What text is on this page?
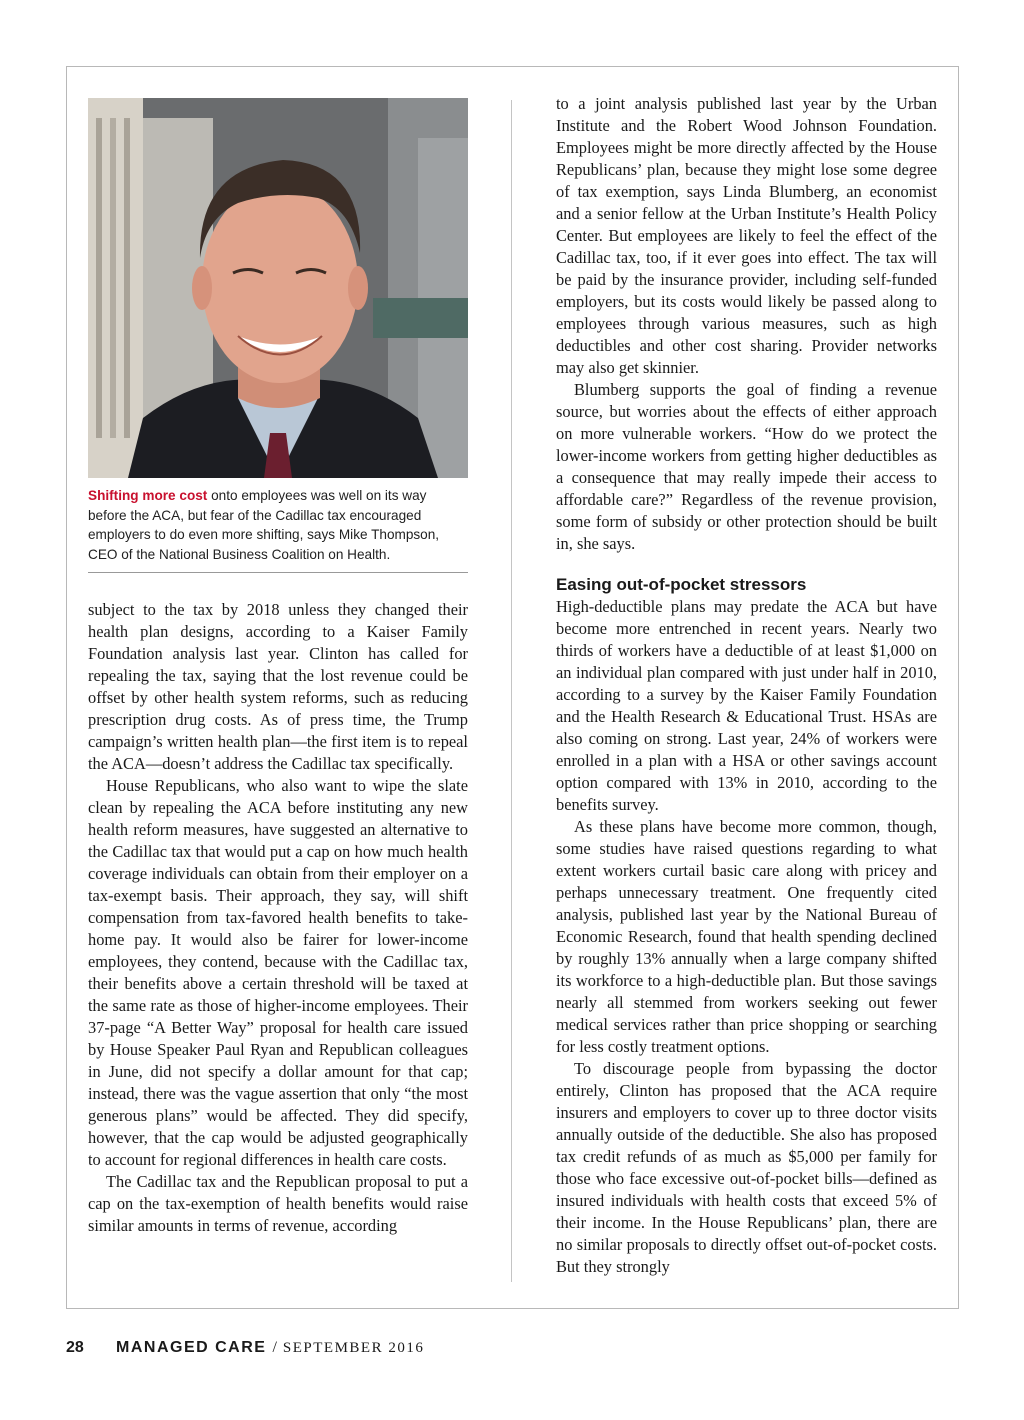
Shifting more cost onto employees was well on its way before the ACA, but fear of the Cadillac tax encouraged employers to do even more shifting, says Mike Thompson, CEO of the National Business Coalition on Health.

subject to the tax by 2018 unless they changed their health plan designs, according to a Kaiser Family Foundation analysis last year. Clinton has called for repealing the tax, saying that the lost revenue could be offset by other health system reforms, such as reducing prescription drug costs. As of press time, the Trump campaign’s written health plan—the first item is to repeal the ACA—doesn’t address the Cadillac tax specifically.

House Republicans, who also want to wipe the slate clean by repealing the ACA before instituting any new health reform measures, have suggested an alternative to the Cadillac tax that would put a cap on how much health coverage individuals can obtain from their employer on a tax-exempt basis. Their approach, they say, will shift compensation from tax-favored health benefits to take-home pay. It would also be fairer for lower-income employees, they contend, because with the Cadillac tax, their benefits above a certain threshold will be taxed at the same rate as those of higher-income employees. Their 37-page “A Better Way” proposal for health care issued by House Speaker Paul Ryan and Republican colleagues in June, did not specify a dollar amount for that cap; instead, there was the vague assertion that only “the most generous plans” would be affected. They did specify, however, that the cap would be adjusted geographically to account for regional differences in health care costs.

The Cadillac tax and the Republican proposal to put a cap on the tax-exemption of health benefits would raise similar amounts in terms of revenue, according

to a joint analysis published last year by the Urban Institute and the Robert Wood Johnson Foundation. Employees might be more directly affected by the House Republicans’ plan, because they might lose some degree of tax exemption, says Linda Blumberg, an economist and a senior fellow at the Urban Institute’s Health Policy Center. But employees are likely to feel the effect of the Cadillac tax, too, if it ever goes into effect. The tax will be paid by the insurance provider, including self-funded employers, but its costs would likely be passed along to employees through various measures, such as high deductibles and other cost sharing. Provider networks may also get skinnier.

Blumberg supports the goal of finding a revenue source, but worries about the effects of either approach on more vulnerable workers. “How do we protect the lower-income workers from getting higher deductibles as a consequence that may really impede their access to affordable care?” Regardless of the revenue provision, some form of subsidy or other protection should be built in, she says.

Easing out-of-pocket stressors

High-deductible plans may predate the ACA but have become more entrenched in recent years. Nearly two thirds of workers have a deductible of at least $1,000 on an individual plan compared with just under half in 2010, according to a survey by the Kaiser Family Foundation and the Health Research & Educational Trust. HSAs are also coming on strong. Last year, 24% of workers were enrolled in a plan with a HSA or other savings account option compared with 13% in 2010, according to the benefits survey.

As these plans have become more common, though, some studies have raised questions regarding to what extent workers curtail basic care along with pricey and perhaps unnecessary treatment. One frequently cited analysis, published last year by the National Bureau of Economic Research, found that health spending declined by roughly 13% annually when a large company shifted its workforce to a high-deductible plan. But those savings nearly all stemmed from workers seeking out fewer medical services rather than price shopping or searching for less costly treatment options.

To discourage people from bypassing the doctor entirely, Clinton has proposed that the ACA require insurers and employers to cover up to three doctor visits annually outside of the deductible. She also has proposed tax credit refunds of as much as $5,000 per family for those who face excessive out-of-pocket bills—defined as insured individuals with health costs that exceed 5% of their income. In the House Republicans’ plan, there are no similar proposals to directly offset out-of-pocket costs. But they strongly

28	MANAGED CARE / SEPTEMBER 2016
